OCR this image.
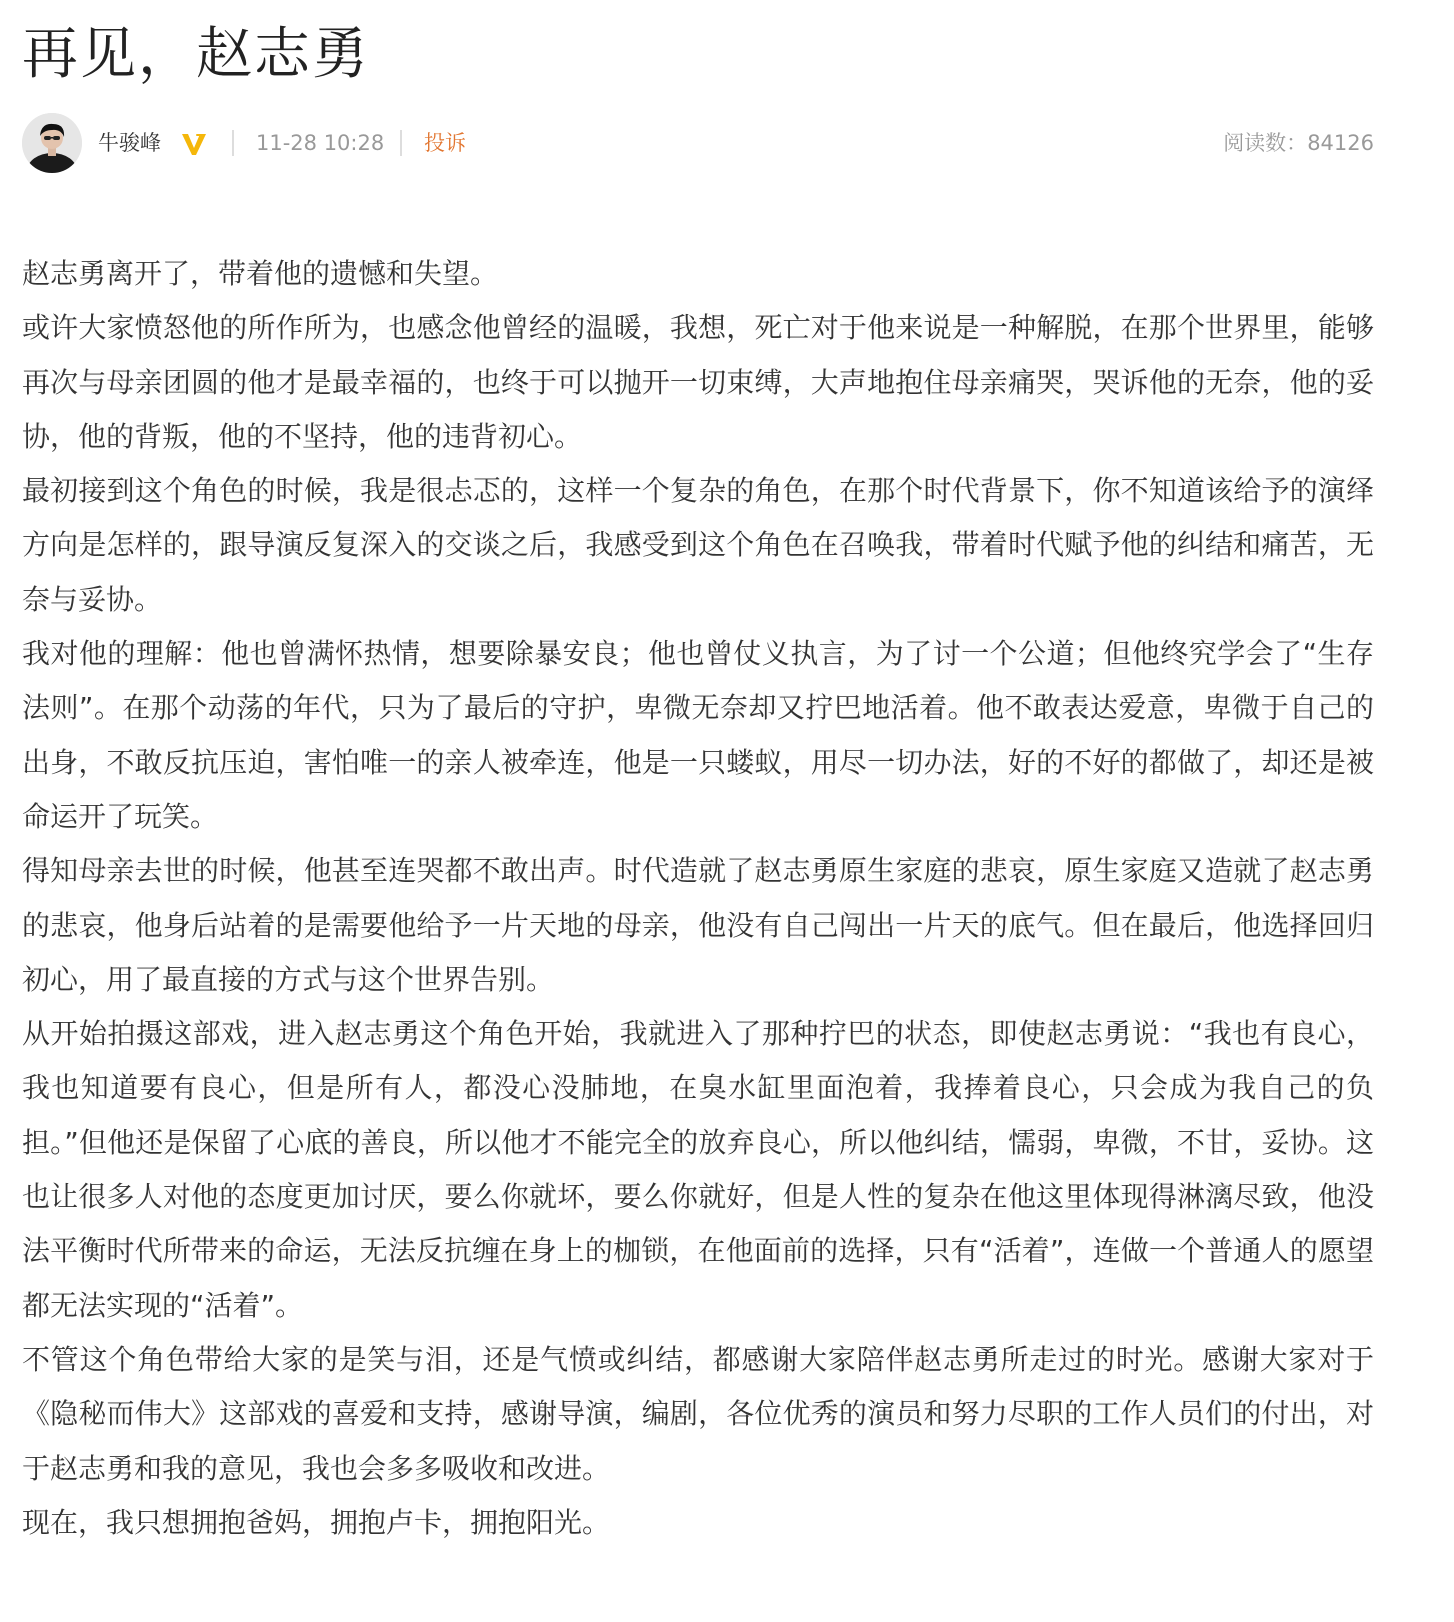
再见，赵志勇
牛骏峰	11-28 10:28 投诉	阅读数：84126

赵志勇离开了，带着他的遗憾和失望。

或许大家愤怒他的所作所为，也感念他曾经的温暖，我想，死亡对于他来说是一种解脱，在那个世界里，能够再次与母亲团圆的他才是最幸福的，也终于可以抛开一切束缚，大声地抱住母亲痛哭，哭诉他的无奈，他的妥协，他的背叛，他的不坚持，他的违背初心。

最初接到这个角色的时候，我是很忐忑的，这样一个复杂的角色，在那个时代背景下，你不知道该给予的演绎方向是怎样的，跟导演反复深入的交谈之后，我感受到这个角色在召唤我，带着时代赋予他的纠结和痛苦，无奈与妥协。

我对他的理解：他也曾满怀热情，想要除暴安良；他也曾仗义执言，为了讨一个公道；但他终究学会了“生存法则”。在那个动荡的年代，只为了最后的守护，卑微无奈却又拧巴地活着。他不敢表达爱意，卑微于自己的出身，不敢反抗压迫，害怕唯一的亲人被牵连，他是一只蝼蚁，用尽一切办法，好的不好的都做了，却还是被命运开了玩笑。

得知母亲去世的时候，他甚至连哭都不敢出声。时代造就了赵志勇原生家庭的悲哀，原生家庭又造就了赵志勇的悲哀，他身后站着的是需要他给予一片天地的母亲，他没有自己闯出一片天的底气。但在最后，他选择回归初心，用了最直接的方式与这个世界告别。

从开始拍摄这部戏，进入赵志勇这个角色开始，我就进入了那种拧巴的状态，即使赵志勇说：“我也有良心，我也知道要有良心，但是所有人，都没心没肺地，在臭水缸里面泡着，我捧着良心，只会成为我自己的负担。”但他还是保留了心底的善良，所以他才不能完全的放弃良心，所以他纠结，懦弱，卑微，不甘，妥协。这也让很多人对他的态度更加讨厌，要么你就坏，要么你就好，但是人性的复杂在他这里体现得淋漓尽致，他没法平衡时代所带来的命运，无法反抗缠在身上的枷锁，在他面前的选择，只有“活着”，连做一个普通人的愿望都无法实现的“活着”。

不管这个角色带给大家的是笑与泪，还是气愤或纠结，都感谢大家陪伴赵志勇所走过的时光。感谢大家对于《隐秘而伟大》这部戏的喜爱和支持，感谢导演，编剧，各位优秀的演员和努力尽职的工作人员们的付出，对于赵志勇和我的意见，我也会多多吸收和改进。

现在，我只想拥抱爸妈，拥抱卢卡，拥抱阳光。
